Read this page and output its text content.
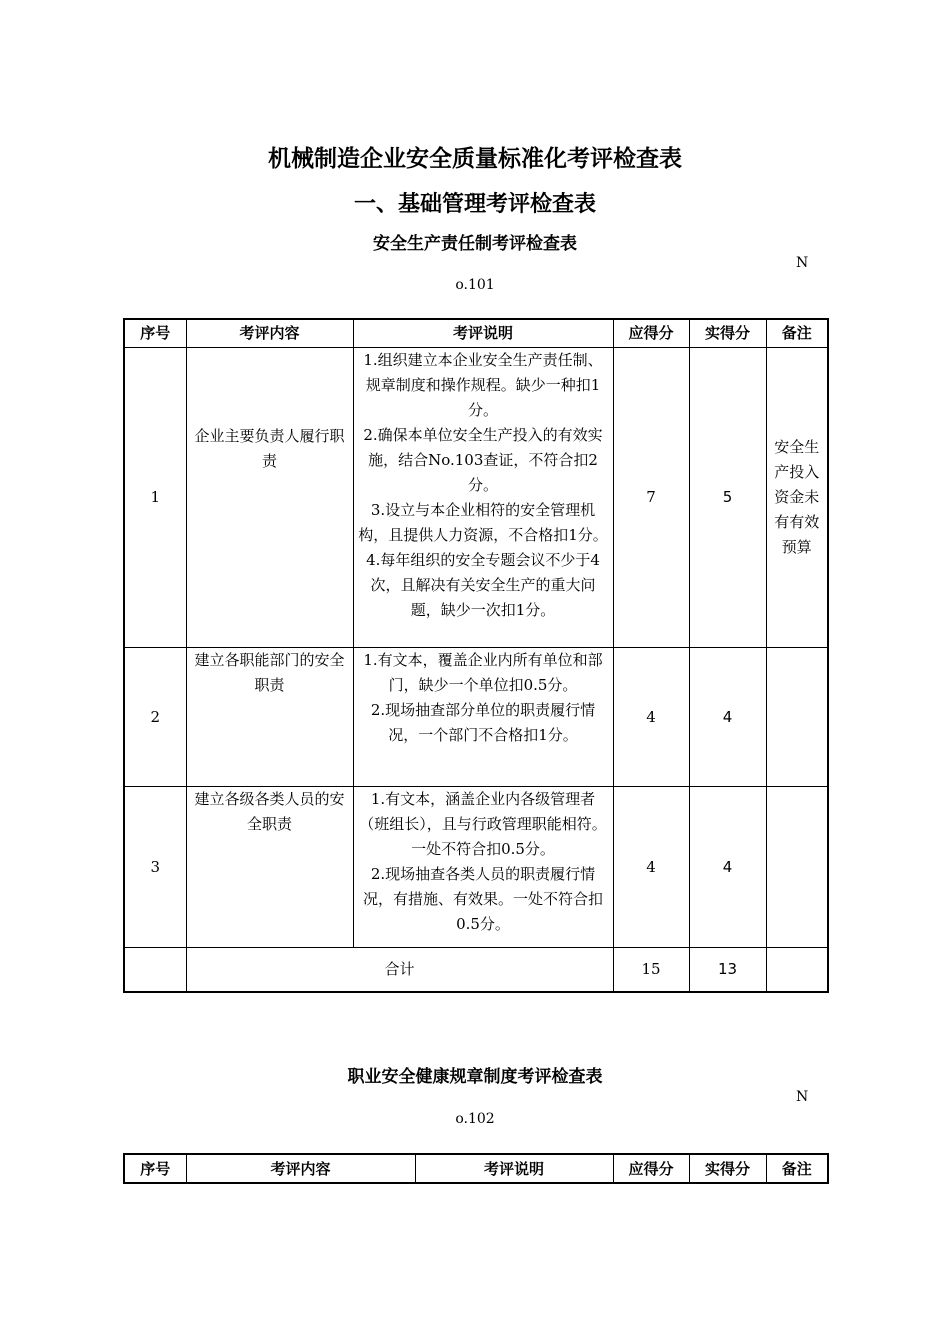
机械制造企业安全质量标准化考评检查表
一、基础管理考评检查表
安全生产责任制考评检查表
N
o.101
序号	考评内容	考评说明	应得分	实得分	备注
1	企业主要负责人履行职责	1.组织建立本企业安全生产责任制、规章制度和操作规程。缺少一种扣1分。
2.确保本单位安全生产投入的有效实施，结合No.103查证，不符合扣2分。
3.设立与本企业相符的安全管理机构，且提供人力资源，不合格扣1分。
4.每年组织的安全专题会议不少于4次，且解决有关安全生产的重大问题，缺少一次扣1分。	7	5	安全生产投入资金未有有效预算
2	建立各职能部门的安全职责	1.有文本，覆盖企业内所有单位和部门，缺少一个单位扣0.5分。
2.现场抽查部分单位的职责履行情况，一个部门不合格扣1分。	4	4	
3	建立各级各类人员的安全职责	1.有文本，涵盖企业内各级管理者（班组长），且与行政管理职能相符。一处不符合扣0.5分。
2.现场抽查各类人员的职责履行情况，有措施、有效果。一处不符合扣0.5分。	4	4	
	合计		15	13	
职业安全健康规章制度考评检查表
N
o.102
序号	考评内容	考评说明	应得分	实得分	备注
